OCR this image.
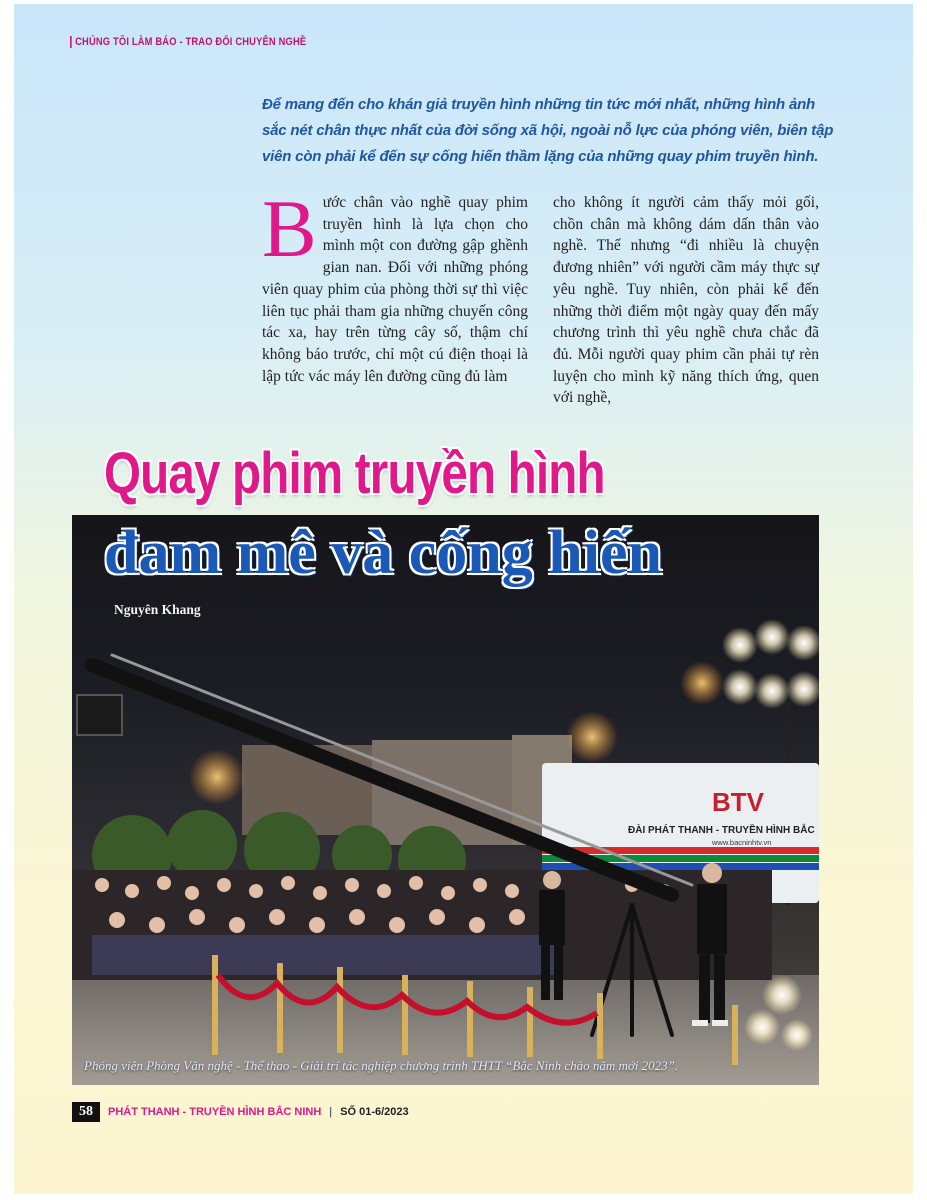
CHÚNG TÔI LÀM BÁO - TRAO ĐỔI CHUYÊN NGHỀ
Để mang đến cho khán giả truyền hình những tin tức mới nhất, những hình ảnh sắc nét chân thực nhất của đời sống xã hội, ngoài nỗ lực của phóng viên, biên tập viên còn phải kể đến sự cống hiến thầm lặng của những quay phim truyền hình.
Bước chân vào nghề quay phim truyền hình là lựa chọn cho mình một con đường gập ghềnh gian nan. Đối với những phóng viên quay phim của phòng thời sự thì việc liên tục phải tham gia những chuyến công tác xa, hay trên từng cây số, thậm chí không báo trước, chỉ một cú điện thoại là lập tức vác máy lên đường cũng đủ làm
cho không ít người cảm thấy mỏi gối, chồn chân mà không dám dấn thân vào nghề. Thế nhưng “đi nhiều là chuyện đương nhiên” với người cầm máy thực sự yêu nghề. Tuy nhiên, còn phải kể đến những thời điểm một ngày quay đến mấy chương trình thì yêu nghề chưa chắc đã đủ. Mỗi người quay phim cần phải tự rèn luyện cho mình kỹ năng thích ứng, quen với nghề,
BTV
ĐÀI PHÁT THANH - TRUYỀN HÌNH BẮC
www.bacninhtv.vn
Quay phim truyền hình
đam mê và cống hiến
Nguyên Khang
Phóng viên Phòng Văn nghệ - Thể thao - Giải trí tác nghiệp chương trình THTT “Bắc Ninh chào năm mới 2023”.
58	PHÁT THANH - TRUYỀN HÌNH BẮC NINH | SỐ 01-6/2023
